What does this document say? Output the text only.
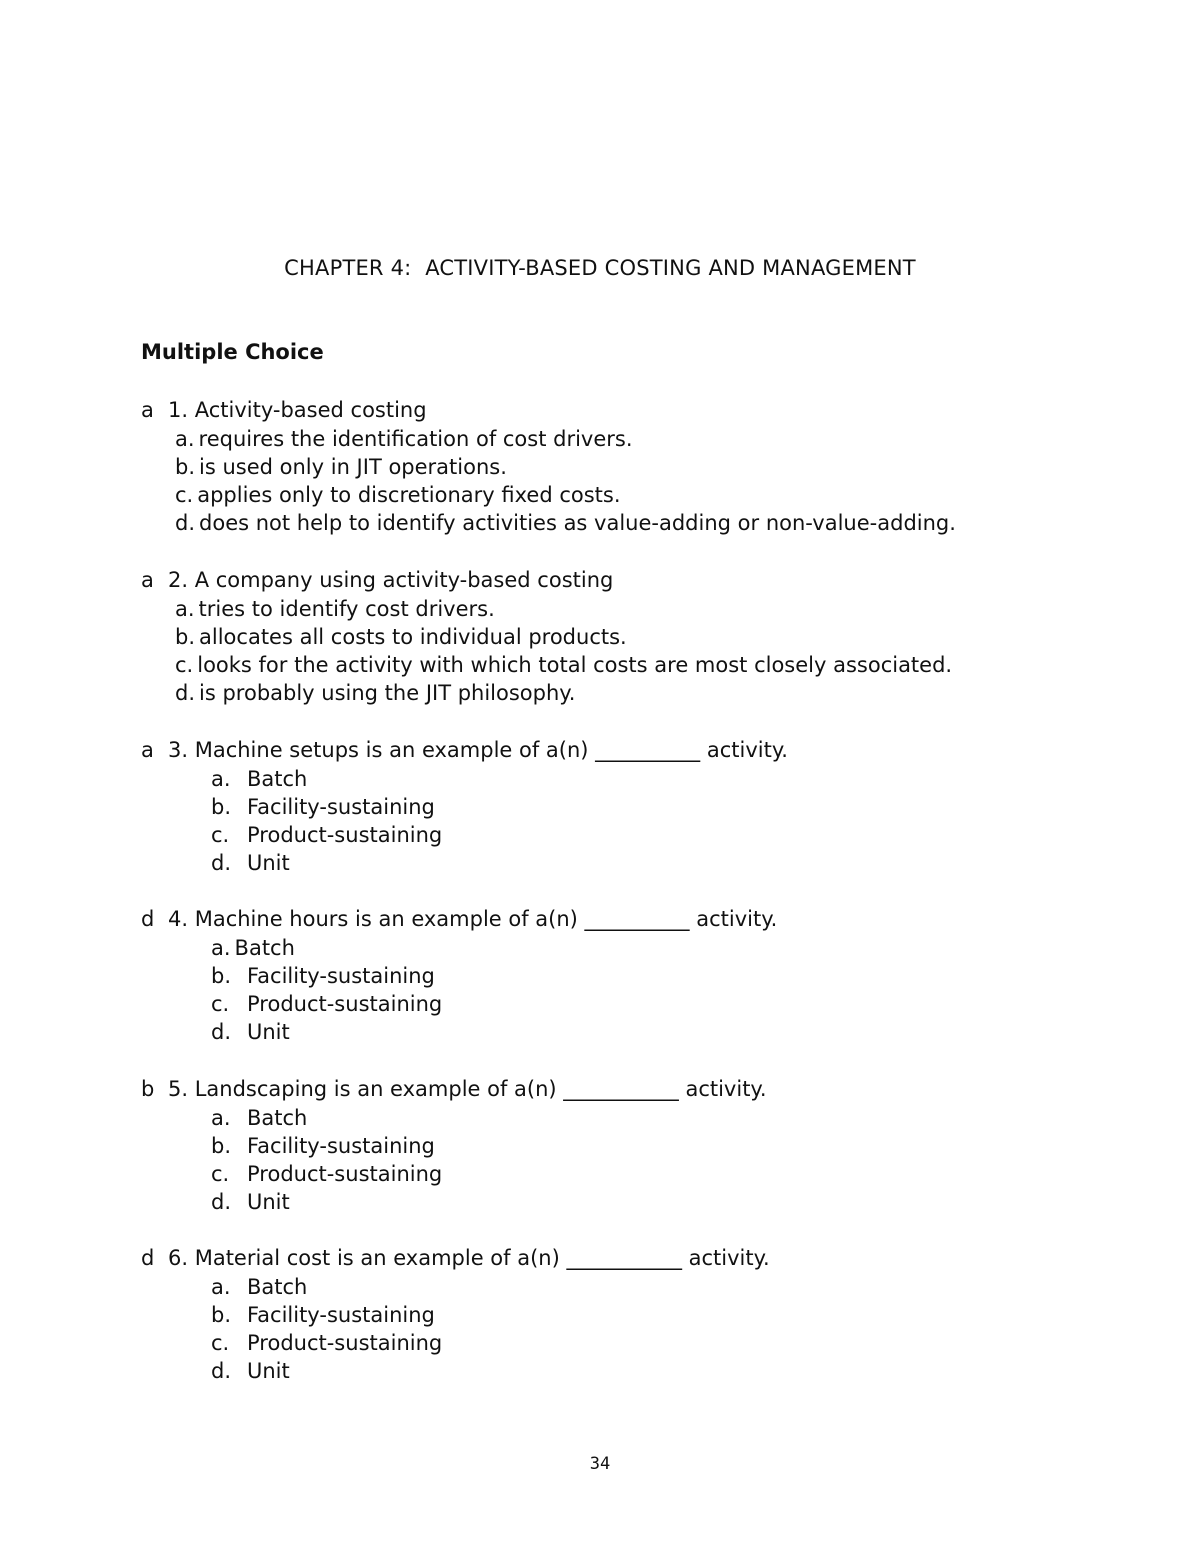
CHAPTER 4:  ACTIVITY-BASED COSTING AND MANAGEMENT
Multiple Choice
a 1. Activity-based costing
a. requires the identification of cost drivers.
b. is used only in JIT operations.
c. applies only to discretionary fixed costs.
d. does not help to identify activities as value-adding or non-value-adding.
a 2. A company using activity-based costing
a. tries to identify cost drivers.
b. allocates all costs to individual products.
c. looks for the activity with which total costs are most closely associated.
d. is probably using the JIT philosophy.
a 3. Machine setups is an example of a(n) __________ activity.
a. Batch
b. Facility-sustaining
c. Product-sustaining
d. Unit
d 4. Machine hours is an example of a(n) __________ activity.
a. Batch
b. Facility-sustaining
c. Product-sustaining
d. Unit
b 5. Landscaping is an example of a(n) ___________ activity.
a. Batch
b. Facility-sustaining
c. Product-sustaining
d. Unit
d 6. Material cost is an example of a(n) ___________ activity.
a. Batch
b. Facility-sustaining
c. Product-sustaining
d. Unit
34
